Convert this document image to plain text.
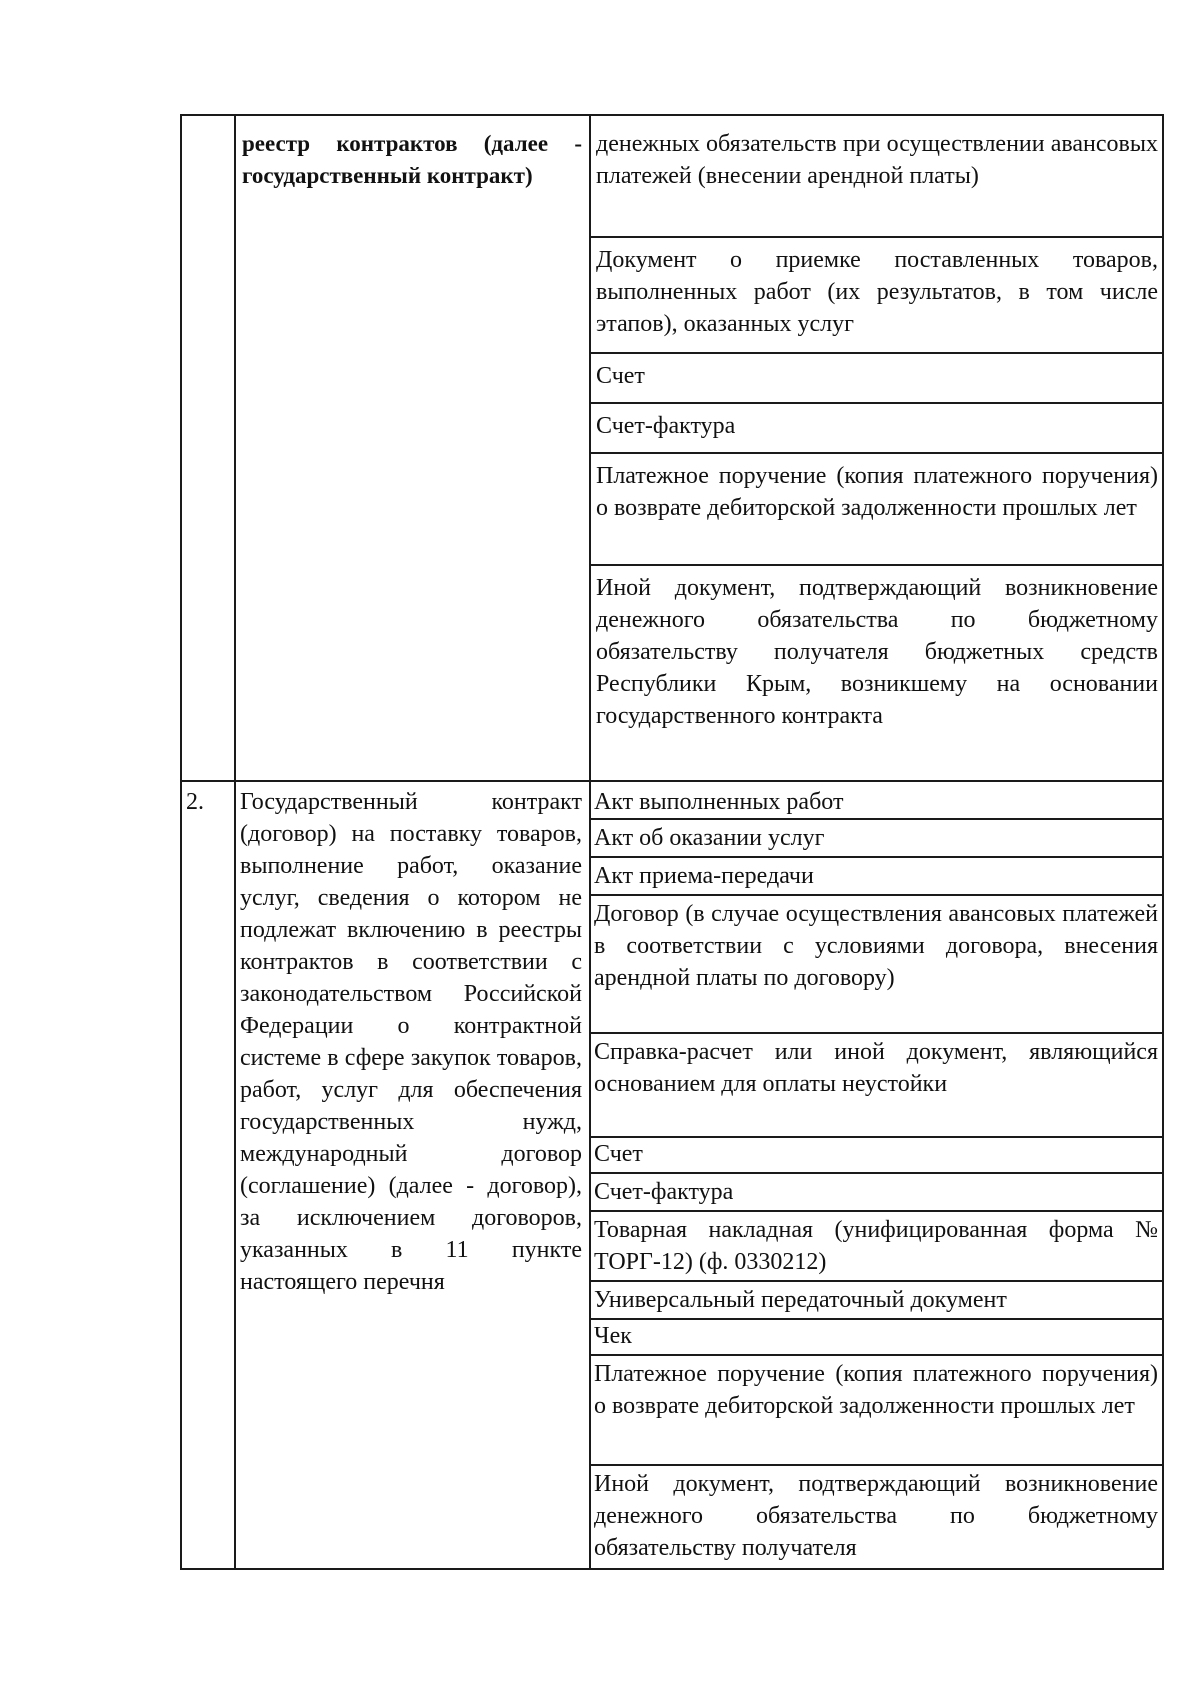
реестр контрактов (далее - государственный контракт)
денежных обязательств при осуществлении авансовых платежей (внесении арендной платы)
Документ о приемке поставленных товаров, выполненных работ (их результатов, в том числе этапов), оказанных услуг
Счет
Счет-фактура
Платежное поручение (копия платежного поручения) о возврате дебиторской задолженности прошлых лет
Иной документ, подтверждающий возникновение денежного обязательства по бюджетному обязательству получателя бюджетных средств Республики Крым, возникшему на основании государственного контракта
2. Государственный контракт (договор) на поставку товаров, выполнение работ, оказание услуг, сведения о котором не подлежат включению в реестры контрактов в соответствии с законодательством Российской Федерации о контрактной системе в сфере закупок товаров, работ, услуг для обеспечения государственных нужд, международный договор (соглашение) (далее - договор), за исключением договоров, указанных в 11 пункте настоящего перечня
Акт выполненных работ
Акт об оказании услуг
Акт приема-передачи
Договор (в случае осуществления авансовых платежей в соответствии с условиями договора, внесения арендной платы по договору)
Справка-расчет или иной документ, являющийся основанием для оплаты неустойки
Счет
Счет-фактура
Товарная накладная (унифицированная форма № ТОРГ-12) (ф. 0330212)
Универсальный передаточный документ
Чек
Платежное поручение (копия платежного поручения) о возврате дебиторской задолженности прошлых лет
Иной документ, подтверждающий возникновение денежного обязательства по бюджетному обязательству получателя
